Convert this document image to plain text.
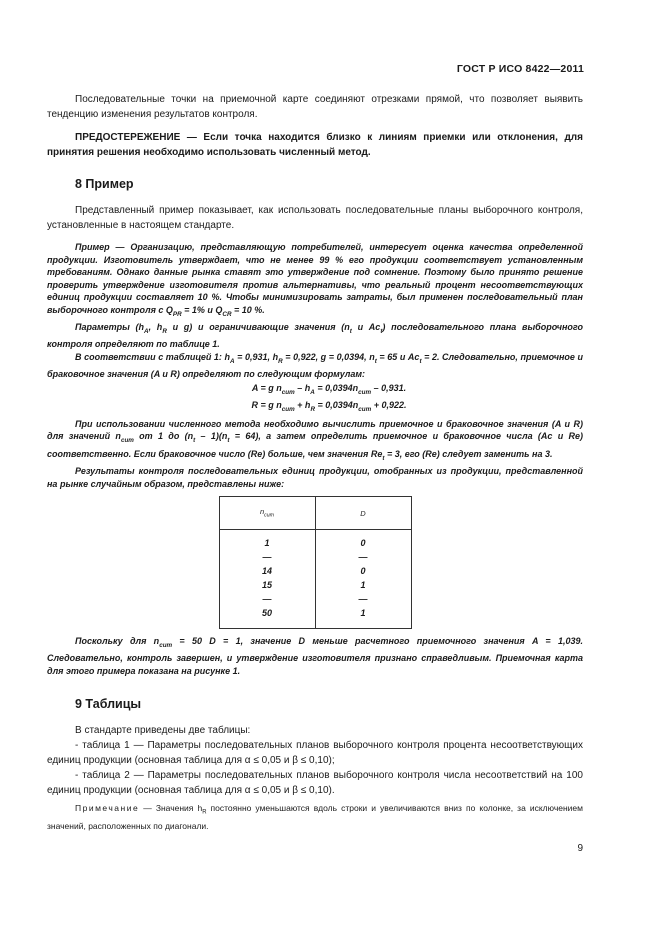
ГОСТ Р ИСО 8422—2011

Последовательные точки на приемочной карте соединяют отрезками прямой, что позволяет выявить тенденцию изменения результатов контроля.

ПРЕДОСТЕРЕЖЕНИЕ — Если точка находится близко к линиям приемки или отклонения, для принятия решения необходимо использовать численный метод.

8 Пример

Представленный пример показывает, как использовать последовательные планы выборочного контроля, установленные в настоящем стандарте.

Пример — Организацию, представляющую потребителей, интересует оценка качества определенной продукции. Изготовитель утверждает, что не менее 99 % его продукции соответствует установленным требованиям. Однако данные рынка ставят это утверждение под сомнение. Поэтому было принято решение проверить утверждение изготовителя против альтернативы, что реальный процент несоответствующих единиц продукции составляет 10 %. Чтобы минимизировать затраты, был применен последовательный план выборочного контроля с $Q_{PR} = 1\%$ и $Q_{CR} = 10$ %.

Параметры ($h_A$, $h_R$ и g) и ограничивающие значения ($n_t$ и $Ac_t$) последовательного плана выборочного контроля определяют по таблице 1.

В соответствии с таблицей 1: $h_A = 0,931$, $h_R = 0,922$, g = 0,0394, $n_t = 65$ и $Ac_t = 2$. Следовательно, приемочное и браковочное значения (A и R) определяют по следующим формулам:

A = g $n_{cum} - h_A = 0,0394n_{cum} - 0,931$.
R = g $n_{cum} + h_R = 0,0394n_{cum} + 0,922$.

При использовании численного метода необходимо вычислить приемочное и браковочное значения (A и R) для значений $n_{cum}$ от 1 до $(n_t - 1)(n_t = 64)$, а затем определить приемочное и браковочное числа (Ac и Re) соответственно. Если браковочное число (Re) больше, чем значения $Re_t = 3$, его (Re) следует заменить на 3.

Результаты контроля последовательных единиц продукции, отобранных из продукции, представленной на рынке случайным образом, представлены ниже:

$n_{cum}$	D
1	0
—	—
14	0
15	1
—	—
50	1

Поскольку для $n_{cum} = 50$ D = 1, значение D меньше расчетного приемочного значения A = 1,039. Следовательно, контроль завершен, и утверждение изготовителя признано справедливым. Приемочная карта для этого примера показана на рисунке 1.

9 Таблицы

В стандарте приведены две таблицы:

- таблица 1 — Параметры последовательных планов выборочного контроля процента несоответствующих единиц продукции (основная таблица для α ≤ 0,05 и β ≤ 0,10);

- таблица 2 — Параметры последовательных планов выборочного контроля числа несоответствий на 100 единиц продукции (основная таблица для α ≤ 0,05 и β ≤ 0,10).

Примечание — Значения $h_R$ постоянно уменьшаются вдоль строки и увеличиваются вниз по колонке, за исключением значений, расположенных по диагонали.

9
